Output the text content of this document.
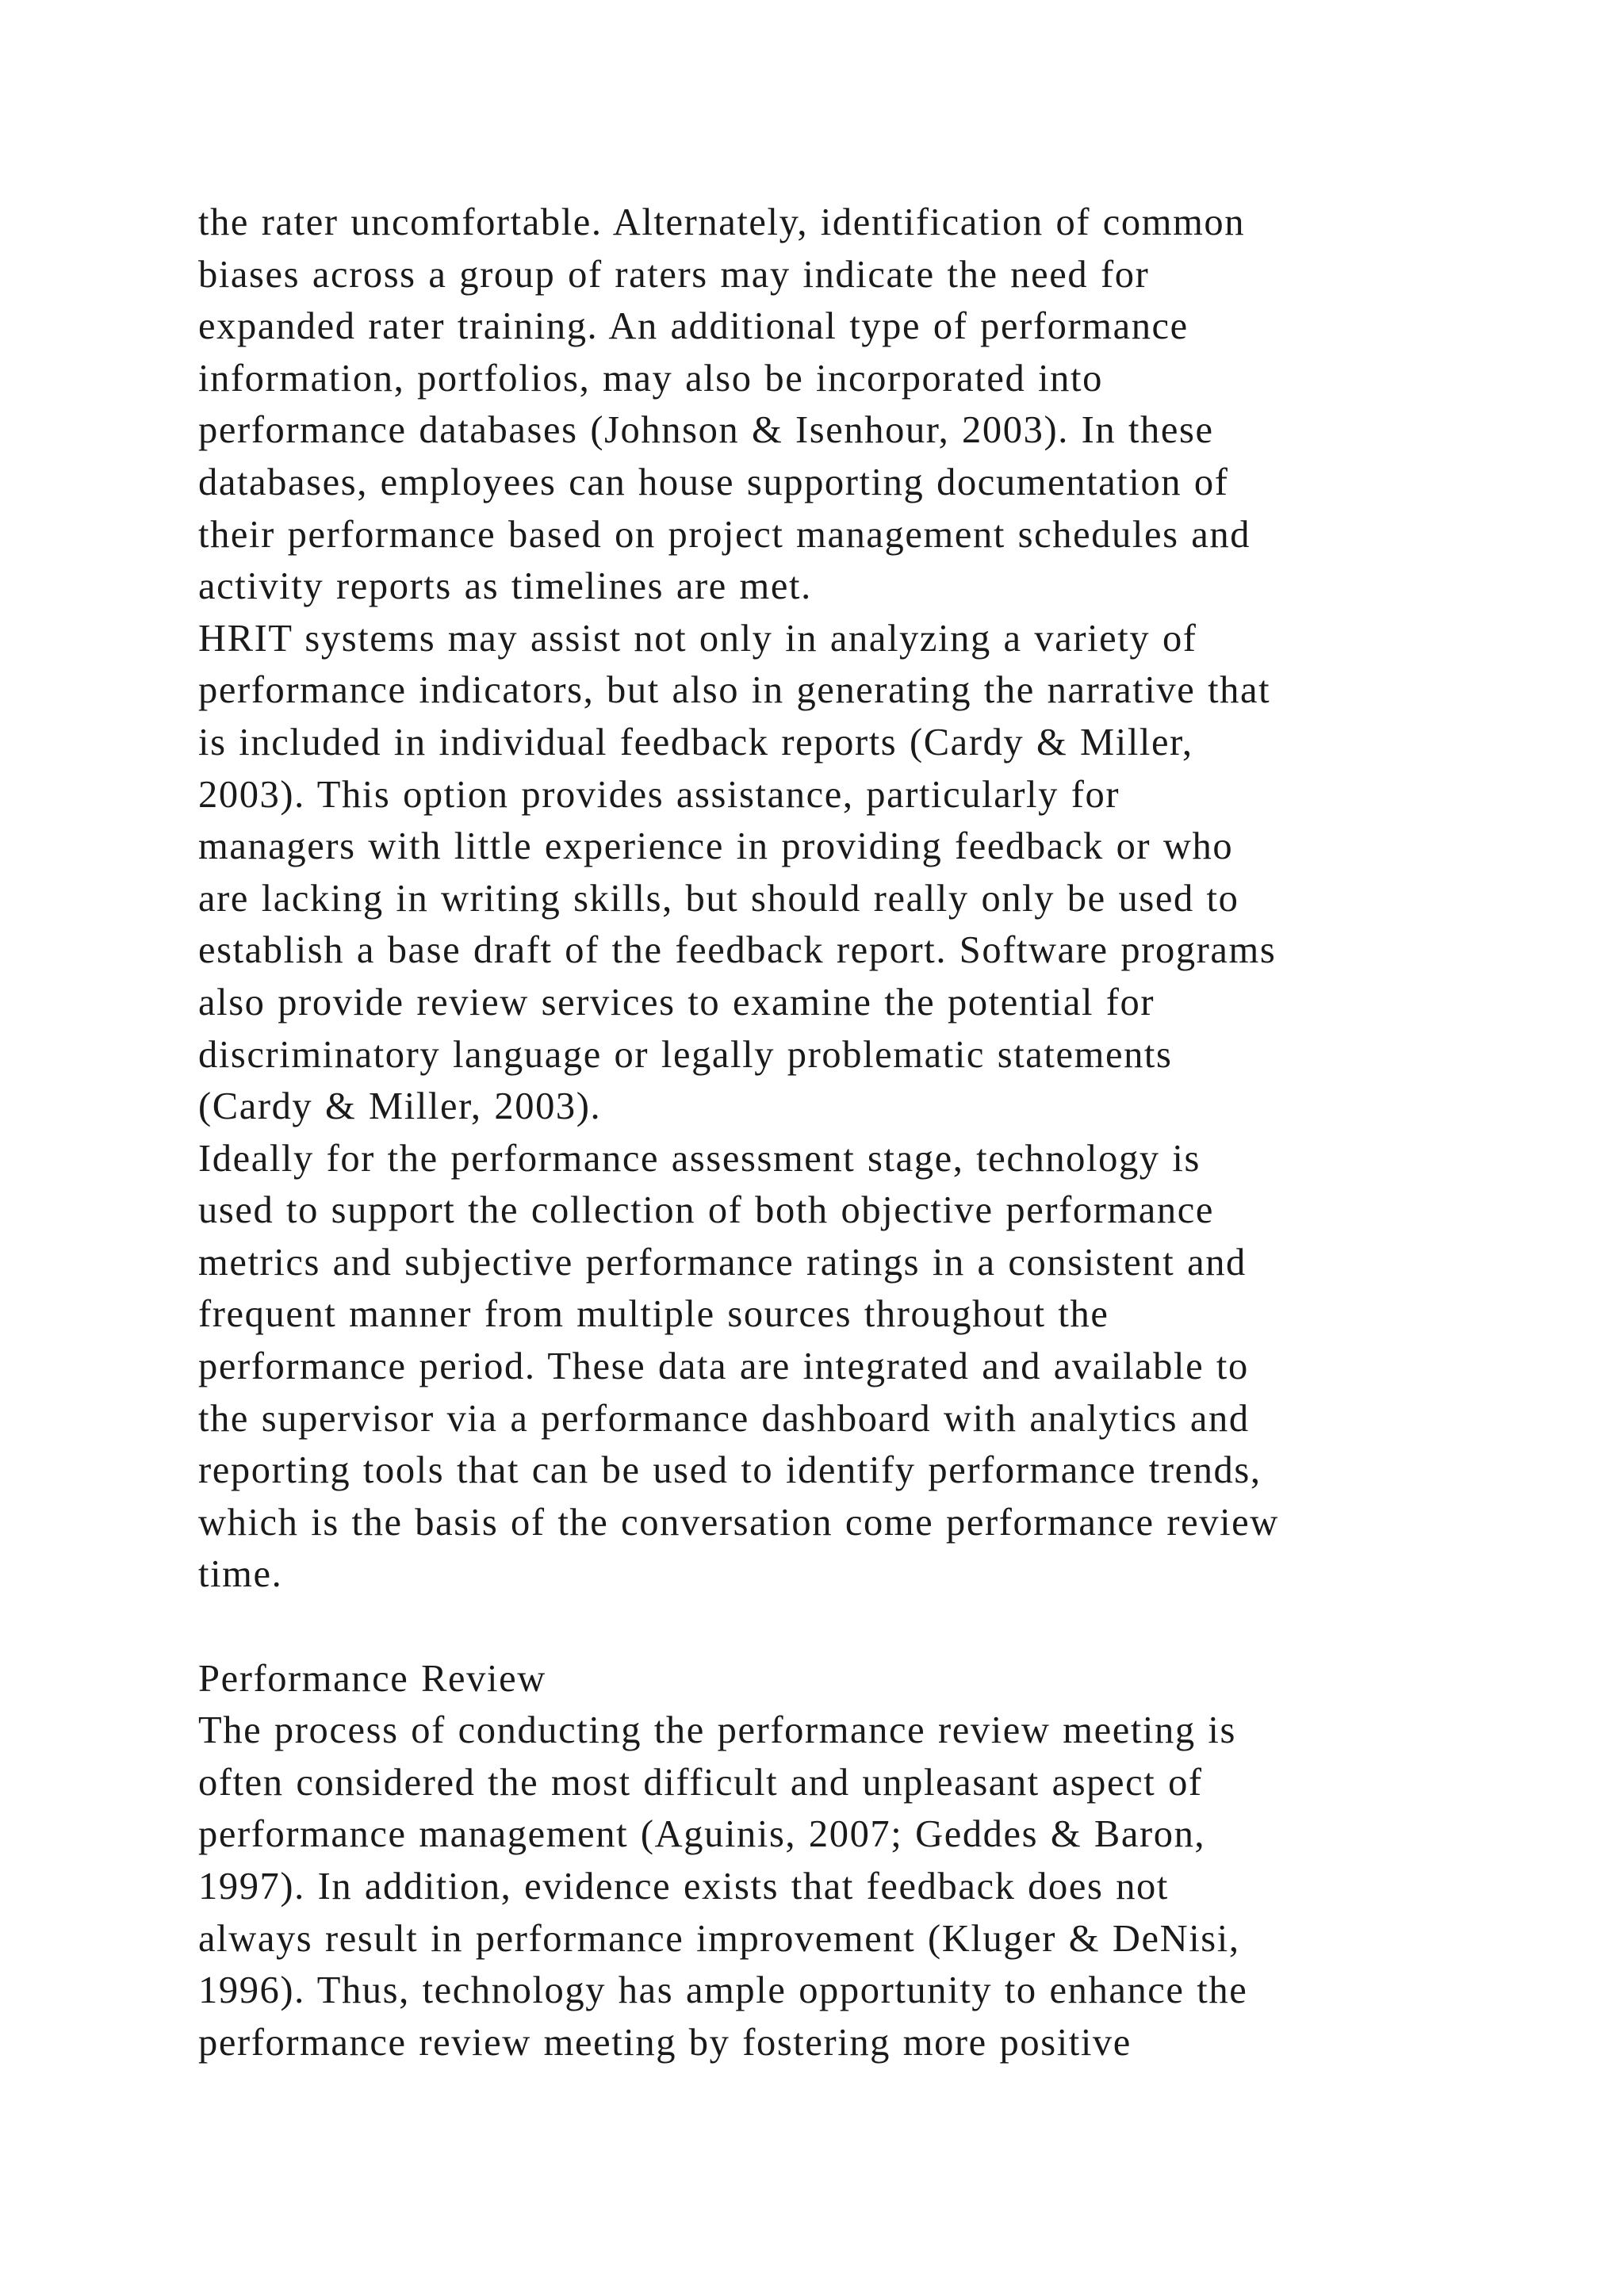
the rater uncomfortable. Alternately, identification of common
biases across a group of raters may indicate the need for
expanded rater training. An additional type of performance
information, portfolios, may also be incorporated into
performance databases (Johnson & Isenhour, 2003). In these
databases, employees can house supporting documentation of
their performance based on project management schedules and
activity reports as timelines are met.
HRIT systems may assist not only in analyzing a variety of
performance indicators, but also in generating the narrative that
is included in individual feedback reports (Cardy & Miller,
2003). This option provides assistance, particularly for
managers with little experience in providing feedback or who
are lacking in writing skills, but should really only be used to
establish a base draft of the feedback report. Software programs
also provide review services to examine the potential for
discriminatory language or legally problematic statements
(Cardy & Miller, 2003).
Ideally for the performance assessment stage, technology is
used to support the collection of both objective performance
metrics and subjective performance ratings in a consistent and
frequent manner from multiple sources throughout the
performance period. These data are integrated and available to
the supervisor via a performance dashboard with analytics and
reporting tools that can be used to identify performance trends,
which is the basis of the conversation come performance review
time.
Performance Review
The process of conducting the performance review meeting is
often considered the most difficult and unpleasant aspect of
performance management (Aguinis, 2007; Geddes & Baron,
1997). In addition, evidence exists that feedback does not
always result in performance improvement (Kluger & DeNisi,
1996). Thus, technology has ample opportunity to enhance the
performance review meeting by fostering more positive
